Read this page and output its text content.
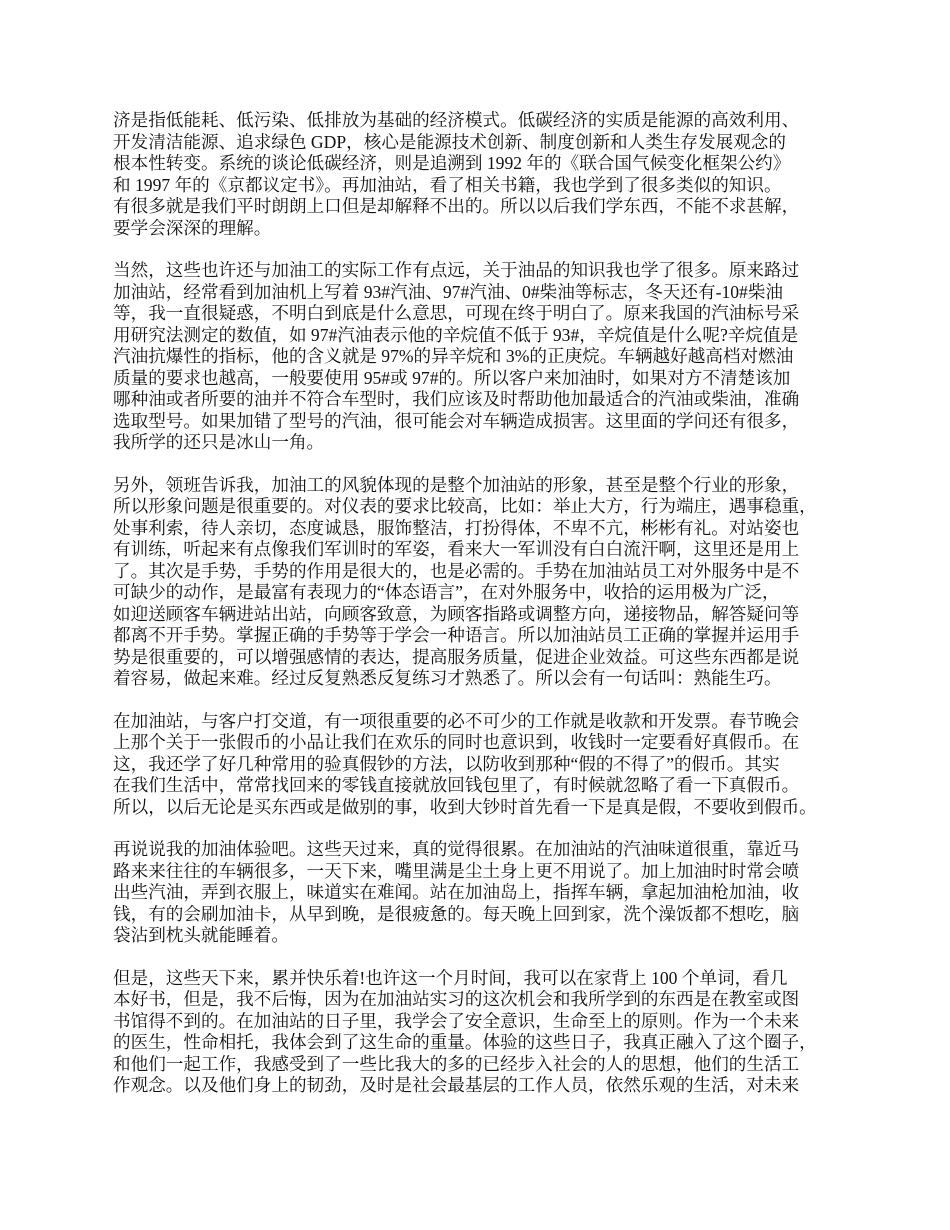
济是指低能耗、低污染、低排放为基础的经济模式。低碳经济的实质是能源的高效利用、
开发清洁能源、追求绿色 GDP，核心是能源技术创新、制度创新和人类生存发展观念的
根本性转变。系统的谈论低碳经济，则是追溯到 1992 年的《联合国气候变化框架公约》
和 1997 年的《京都议定书》。再加油站，看了相关书籍，我也学到了很多类似的知识。
有很多就是我们平时朗朗上口但是却解释不出的。所以以后我们学东西，不能不求甚解，
要学会深深的理解。
当然，这些也许还与加油工的实际工作有点远，关于油品的知识我也学了很多。原来路过
加油站，经常看到加油机上写着 93#汽油、97#汽油、0#柴油等标志，冬天还有-10#柴油
等，我一直很疑惑，不明白到底是什么意思，可现在终于明白了。原来我国的汽油标号采
用研究法测定的数值，如 97#汽油表示他的辛烷值不低于 93#，辛烷值是什么呢?辛烷值是
汽油抗爆性的指标，他的含义就是 97%的异辛烷和 3%的正庚烷。车辆越好越高档对燃油
质量的要求也越高，一般要使用 95#或 97#的。所以客户来加油时，如果对方不清楚该加
哪种油或者所要的油并不符合车型时，我们应该及时帮助他加最适合的汽油或柴油，准确
选取型号。如果加错了型号的汽油，很可能会对车辆造成损害。这里面的学问还有很多，
我所学的还只是冰山一角。
另外，领班告诉我，加油工的风貌体现的是整个加油站的形象，甚至是整个行业的形象，
所以形象问题是很重要的。对仪表的要求比较高，比如：举止大方，行为端庄，遇事稳重，
处事利索，待人亲切，态度诚恳，服饰整洁，打扮得体，不卑不亢，彬彬有礼。对站姿也
有训练，听起来有点像我们军训时的军姿，看来大一军训没有白白流汗啊，这里还是用上
了。其次是手势，手势的作用是很大的，也是必需的。手势在加油站员工对外服务中是不
可缺少的动作，是最富有表现力的“体态语言”，在对外服务中，收拾的运用极为广泛，
如迎送顾客车辆进站出站，向顾客致意，为顾客指路或调整方向，递接物品，解答疑问等
都离不开手势。掌握正确的手势等于学会一种语言。所以加油站员工正确的掌握并运用手
势是很重要的，可以增强感情的表达，提高服务质量，促进企业效益。可这些东西都是说
着容易，做起来难。经过反复熟悉反复练习才熟悉了。所以会有一句话叫：熟能生巧。
在加油站，与客户打交道，有一项很重要的必不可少的工作就是收款和开发票。春节晚会
上那个关于一张假币的小品让我们在欢乐的同时也意识到，收钱时一定要看好真假币。在
这，我还学了好几种常用的验真假钞的方法，以防收到那种“假的不得了”的假币。其实
在我们生活中，常常找回来的零钱直接就放回钱包里了，有时候就忽略了看一下真假币。
所以，以后无论是买东西或是做别的事，收到大钞时首先看一下是真是假，不要收到假币。
再说说我的加油体验吧。这些天过来，真的觉得很累。在加油站的汽油味道很重，靠近马
路来来往往的车辆很多，一天下来，嘴里满是尘土身上更不用说了。加上加油时时常会喷
出些汽油，弄到衣服上，味道实在难闻。站在加油岛上，指挥车辆，拿起加油枪加油，收
钱，有的会刷加油卡，从早到晚，是很疲惫的。每天晚上回到家，洗个澡饭都不想吃，脑
袋沾到枕头就能睡着。
但是，这些天下来，累并快乐着!也许这一个月时间，我可以在家背上 100 个单词，看几
本好书，但是，我不后悔，因为在加油站实习的这次机会和我所学到的东西是在教室或图
书馆得不到的。在加油站的日子里，我学会了安全意识，生命至上的原则。作为一个未来
的医生，性命相托，我体会到了这生命的重量。体验的这些日子，我真正融入了这个圈子，
和他们一起工作，我感受到了一些比我大的多的已经步入社会的人的思想，他们的生活工
作观念。以及他们身上的韧劲，及时是社会最基层的工作人员，依然乐观的生活，对未来
